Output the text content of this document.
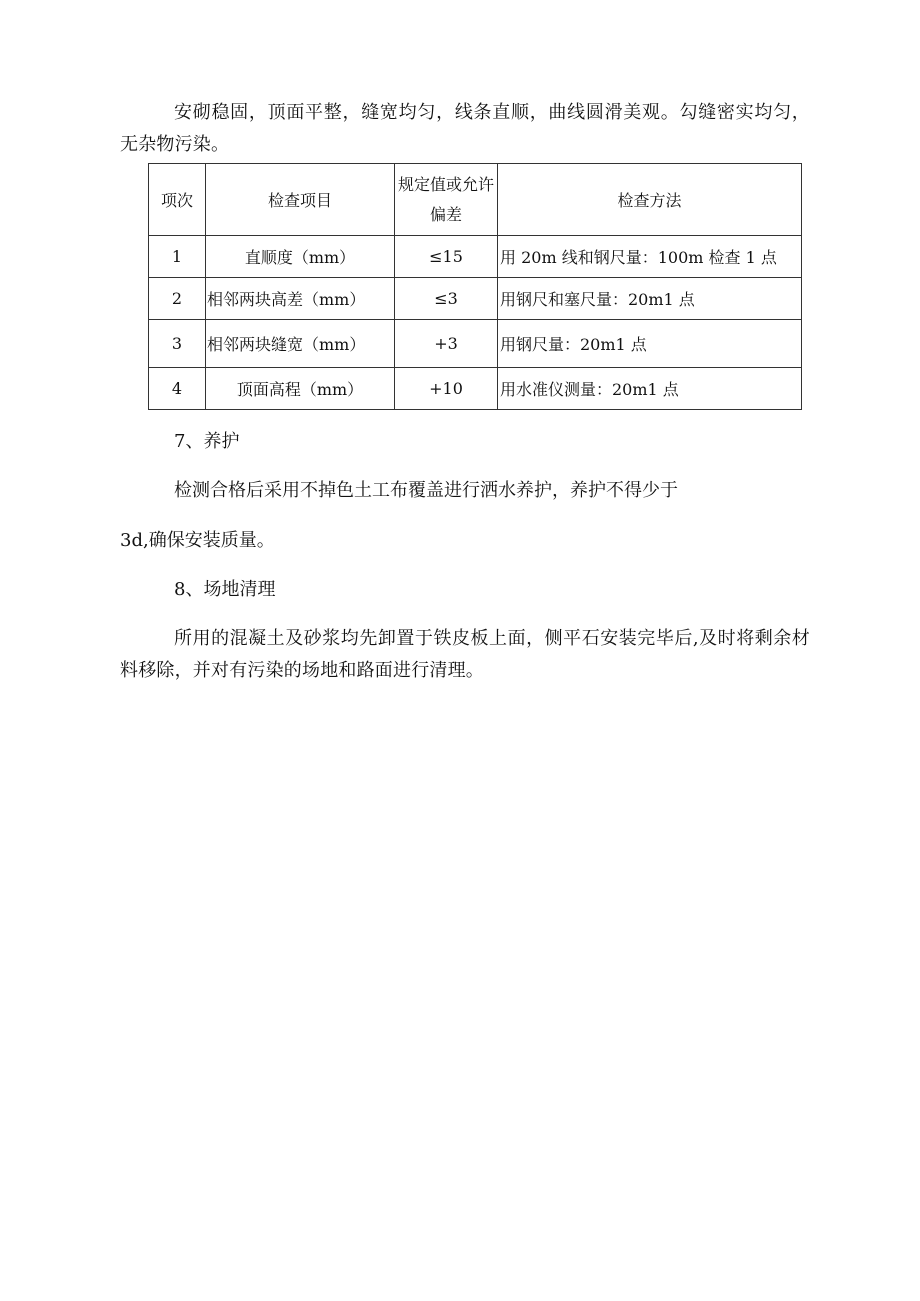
安砌稳固，顶面平整，缝宽均匀，线条直顺，曲线圆滑美观。勾缝密实均匀，无杂物污染。

项次	检查项目	规定值或允许偏差	检查方法
1	直顺度（mm）	≤15	用 20m 线和钢尺量：100m 检查 1 点
2	相邻两块高差（mm）	≤3	用钢尺和塞尺量：20m1 点
3	相邻两块缝宽（mm）	+3	用钢尺量：20m1 点
4	顶面高程（mm）	+10	用水准仪测量：20m1 点

7、养护

检测合格后采用不掉色土工布覆盖进行洒水养护，养护不得少于

3d,确保安装质量。

8、场地清理

所用的混凝土及砂浆均先卸置于铁皮板上面，侧平石安装完毕后,及时将剩余材料移除，并对有污染的场地和路面进行清理。
